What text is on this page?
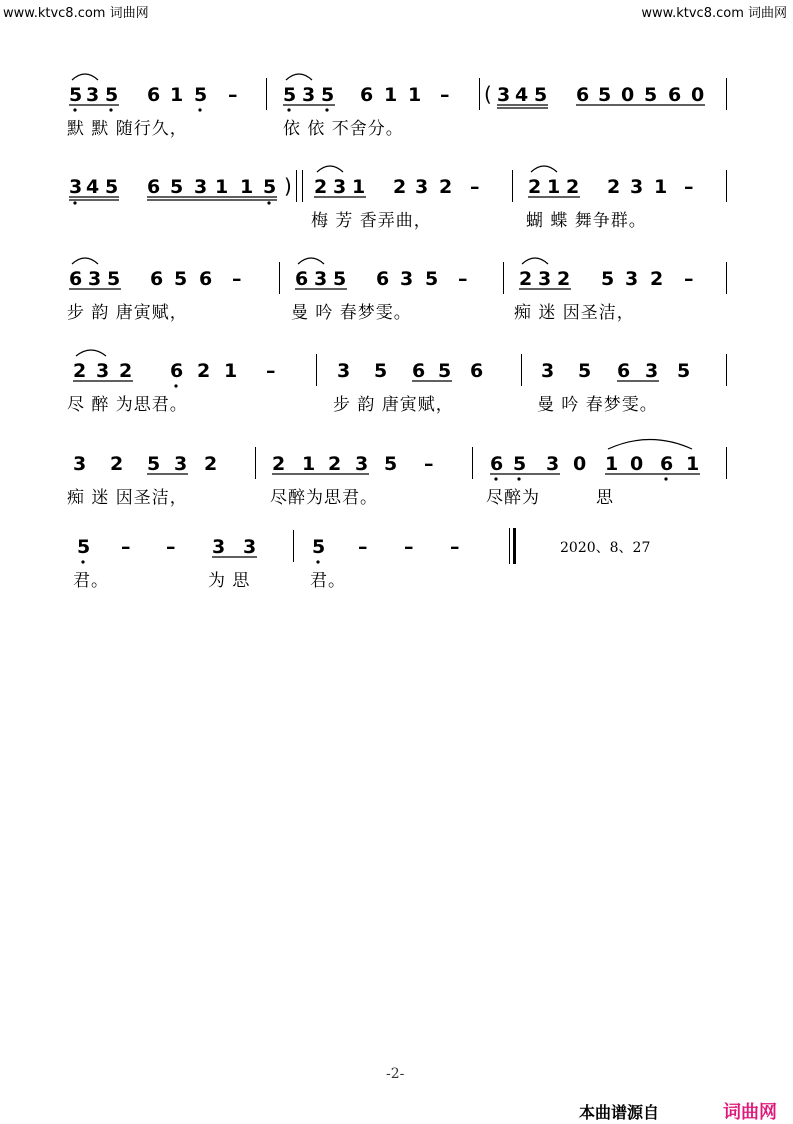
www.ktvc8.com 词曲网	www.ktvc8.com 词曲网
5 3 5 6 1 5 – 5 3 5 6 1 1 – ( 3 4 5 6 5 0 5 6 0
默 默 随行久，	依 依 不舍分。
3 4 5 6 5 3 1 1 5 ) 2 3 1 2 3 2 –	2 1 2 2 3 1 –
梅 芳 香弄曲，	蝴 蝶 舞争群。
6 3 5 6 5 6 –	6 3 5 6 3 5 –	2 3 2 5 3 2 –
步 韵 唐寅赋，	曼 吟 春梦雯。	痴 迷 因圣洁，
2 3 2 6 2 1 –	3 5 6 5 6	3 5 6 3 5
尽 醉 为思君。	步 韵 唐寅赋，	曼 吟 春梦雯。
3 2 5 3 2	2 1 2 3 5 –	6 5 3 0 1 0 6 1
痴 迷 因圣洁，	尽醉为思君。	尽醉为	思
5 – – 3 3	5 – – –
君。	为 思	君。
2020、8、27
-2-
本曲谱源自	词曲网
